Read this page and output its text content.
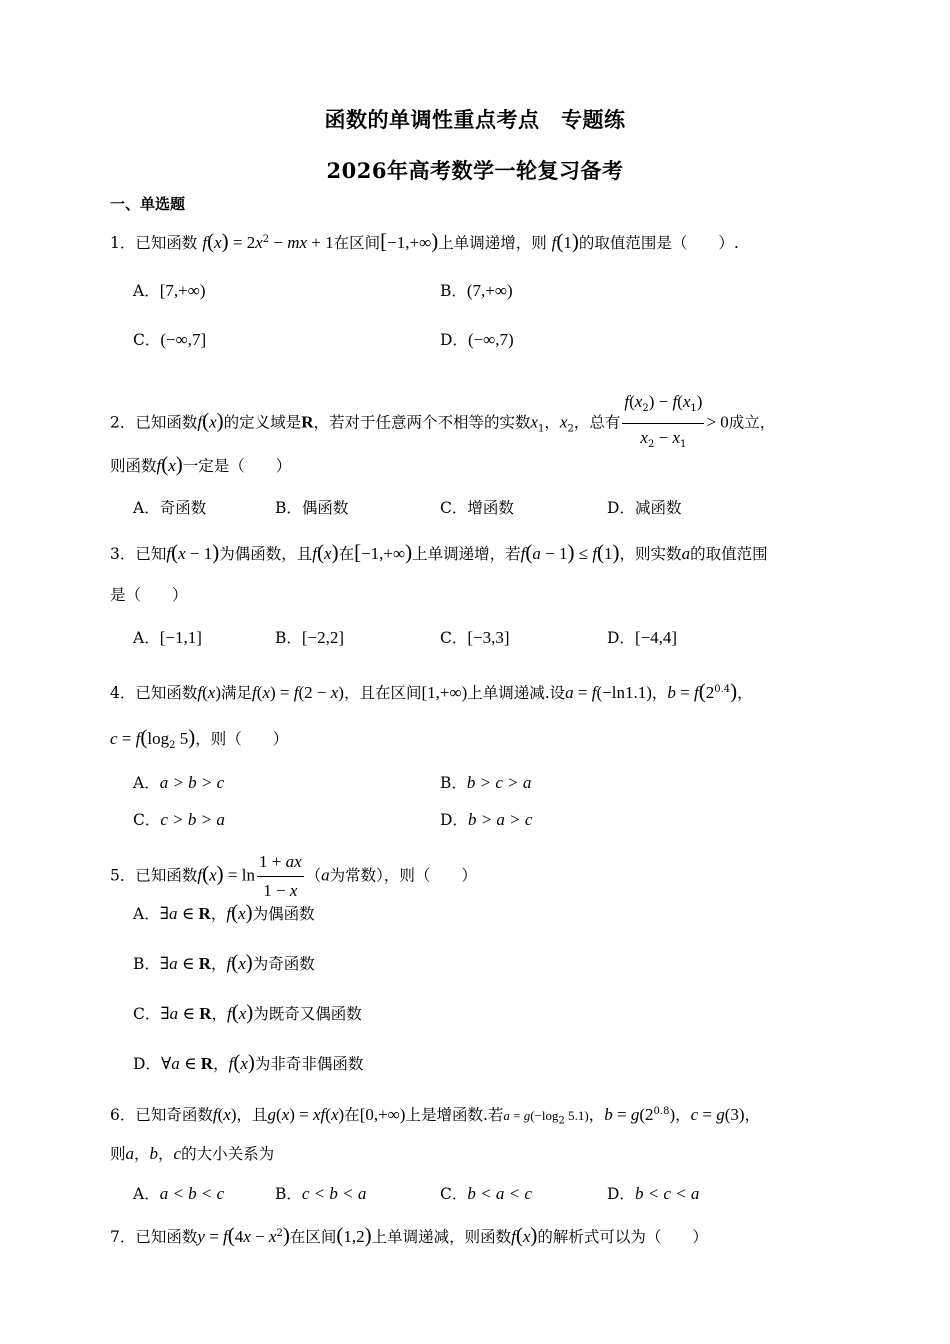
函数的单调性重点考点　专题练
2026年高考数学一轮复习备考
一、单选题
1．已知函数 $f(x) = 2x^2$ − mx + 1在区间[−1,+∞)上单调递增，则 f(1)的取值范围是（　　）.
A．[7,+∞)	B．(7,+∞)
C．(−∞,7]	D．(−∞,7)
2．已知函数f(x)的定义域是R，若对于任意两个不相等的实数$x_1$，$x_2$，总有 $\frac{f(x_2) - f(x_1)}{x_2 - x_1} > 0$成立，
则函数f(x)一定是（　　）
A．奇函数	B．偶函数	C．增函数	D．减函数
3．已知f(x − 1)为偶函数，且f(x)在[−1,+∞)上单调递增，若f(a − 1) ≤ f(1)，则实数a的取值范围
是（　　）
A．[−1,1]	B．[−2,2]	C．[−3,3]	D．[−4,4]
4．已知函数f(x)满足f(x) = f(2 − x)，且在区间[1,+∞)上单调递减.设a = f(−ln1.1)，$b = f(2^{0.4})$，
$c = f(\log_2$ 5)，则（　　）
A．a > b > c	B．b > c > a
C．c > b > a	D．b > a > c
5．已知函数$f(x) = \ln \frac{1 + ax}{1 - x} (a$为常数），则（　　）
A．∃a ∈ R，f(x)为偶函数
B．∃a ∈ R，f(x)为奇函数
C．∃a ∈ R，f(x)为既奇又偶函数
D．∀a ∈ R，f(x)为非奇非偶函数
6．已知奇函数f(x)，且g(x) = xf(x)在[0,+∞)上是增函数.若$a = g(-\log_2$ 5.1)，$b = g(2^{0.8})$，c = g(3)，
则a，b，c的大小关系为
A．a < b < c	B．c < b < a	C．b < a < c	D．b < c < a
7．已知函数$y = f(4x - x^2)$在区间(1,2)上单调递减，则函数f(x)的解析式可以为（　　）
